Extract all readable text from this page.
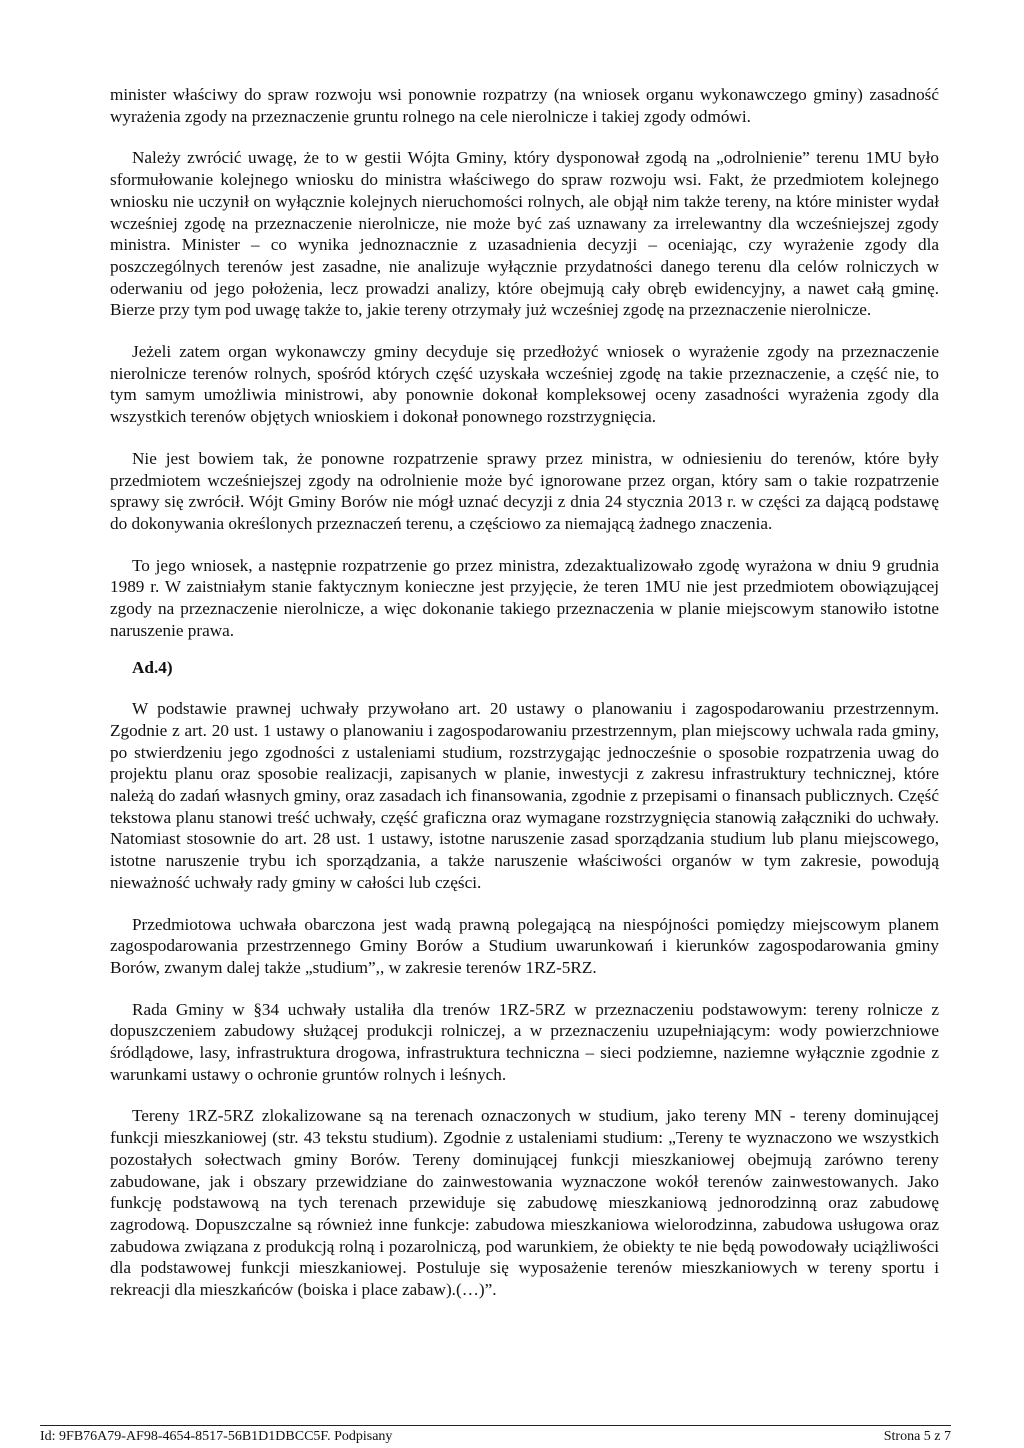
minister właściwy do spraw rozwoju wsi ponownie rozpatrzy (na wniosek organu wykonawczego gminy) zasadność wyrażenia zgody na przeznaczenie gruntu rolnego na cele nierolnicze i takiej zgody odmówi.

Należy zwrócić uwagę, że to w gestii Wójta Gminy, który dysponował zgodą na „odrolnienie” terenu 1MU było sformułowanie kolejnego wniosku do ministra właściwego do spraw rozwoju wsi. Fakt, że przedmiotem kolejnego wniosku nie uczynił on wyłącznie kolejnych nieruchomości rolnych, ale objął nim także tereny, na które minister wydał wcześniej zgodę na przeznaczenie nierolnicze, nie może być zaś uznawany za irrelewantny dla wcześniejszej zgody ministra. Minister – co wynika jednoznacznie z uzasadnienia decyzji – oceniając, czy wyrażenie zgody dla poszczególnych terenów jest zasadne, nie analizuje wyłącznie przydatności danego terenu dla celów rolniczych w oderwaniu od jego położenia, lecz prowadzi analizy, które obejmują cały obręb ewidencyjny, a nawet całą gminę. Bierze przy tym pod uwagę także to, jakie tereny otrzymały już wcześniej zgodę na przeznaczenie nierolnicze.

Jeżeli zatem organ wykonawczy gminy decyduje się przedłożyć wniosek o wyrażenie zgody na przeznaczenie nierolnicze terenów rolnych, spośród których część uzyskała wcześniej zgodę na takie przeznaczenie, a część nie, to tym samym umożliwia ministrowi, aby ponownie dokonał kompleksowej oceny zasadności wyrażenia zgody dla wszystkich terenów objętych wnioskiem i dokonał ponownego rozstrzygnięcia.

Nie jest bowiem tak, że ponowne rozpatrzenie sprawy przez ministra, w odniesieniu do terenów, które były przedmiotem wcześniejszej zgody na odrolnienie może być ignorowane przez organ, który sam o takie rozpatrzenie sprawy się zwrócił. Wójt Gminy Borów nie mógł uznać decyzji z dnia 24 stycznia 2013 r. w części za dającą podstawę do dokonywania określonych przeznaczeń terenu, a częściowo za niemającą żadnego znaczenia.

To jego wniosek, a następnie rozpatrzenie go przez ministra, zdezaktualizowało zgodę wyrażona w dniu 9 grudnia 1989 r. W zaistniałym stanie faktycznym konieczne jest przyjęcie, że teren 1MU nie jest przedmiotem obowiązującej zgody na przeznaczenie nierolnicze, a więc dokonanie takiego przeznaczenia w planie miejscowym stanowiło istotne naruszenie prawa.

Ad.4)

W podstawie prawnej uchwały przywołano art. 20 ustawy o planowaniu i zagospodarowaniu przestrzennym. Zgodnie z art. 20 ust. 1 ustawy o planowaniu i zagospodarowaniu przestrzennym, plan miejscowy uchwala rada gminy, po stwierdzeniu jego zgodności z ustaleniami studium, rozstrzygając jednocześnie o sposobie rozpatrzenia uwag do projektu planu oraz sposobie realizacji, zapisanych w planie, inwestycji z zakresu infrastruktury technicznej, które należą do zadań własnych gminy, oraz zasadach ich finansowania, zgodnie z przepisami o finansach publicznych. Część tekstowa planu stanowi treść uchwały, część graficzna oraz wymagane rozstrzygnięcia stanowią załączniki do uchwały. Natomiast stosownie do art. 28 ust. 1 ustawy, istotne naruszenie zasad sporządzania studium lub planu miejscowego, istotne naruszenie trybu ich sporządzania, a także naruszenie właściwości organów w tym zakresie, powodują nieważność uchwały rady gminy w całości lub części.

Przedmiotowa uchwała obarczona jest wadą prawną polegającą na niespójności pomiędzy miejscowym planem zagospodarowania przestrzennego Gminy Borów a Studium uwarunkowań i kierunków zagospodarowania gminy Borów, zwanym dalej także „studium”,, w zakresie terenów 1RZ-5RZ.

Rada Gminy w §34 uchwały ustaliła dla trenów 1RZ-5RZ w przeznaczeniu podstawowym: tereny rolnicze z dopuszczeniem zabudowy służącej produkcji rolniczej, a w przeznaczeniu uzupełniającym: wody powierzchniowe śródlądowe, lasy, infrastruktura drogowa, infrastruktura techniczna – sieci podziemne, naziemne wyłącznie zgodnie z warunkami ustawy o ochronie gruntów rolnych i leśnych.

Tereny 1RZ-5RZ zlokalizowane są na terenach oznaczonych w studium, jako tereny MN - tereny dominującej funkcji mieszkaniowej (str. 43 tekstu studium). Zgodnie z ustaleniami studium: „Tereny te wyznaczono we wszystkich pozostałych sołectwach gminy Borów. Tereny dominującej funkcji mieszkaniowej obejmują zarówno tereny zabudowane, jak i obszary przewidziane do zainwestowania wyznaczone wokół terenów zainwestowanych. Jako funkcję podstawową na tych terenach przewiduje się zabudowę mieszkaniową jednorodzinną oraz zabudowę zagrodową. Dopuszczalne są również inne funkcje: zabudowa mieszkaniowa wielorodzinna, zabudowa usługowa oraz zabudowa związana z produkcją rolną i pozarolniczą, pod warunkiem, że obiekty te nie będą powodowały uciążliwości dla podstawowej funkcji mieszkaniowej. Postuluje się wyposażenie terenów mieszkaniowych w tereny sportu i rekreacji dla mieszkańców (boiska i place zabaw).(…)”.

Id: 9FB76A79-AF98-4654-8517-56B1D1DBCC5F. Podpisany	Strona 5 z 7
